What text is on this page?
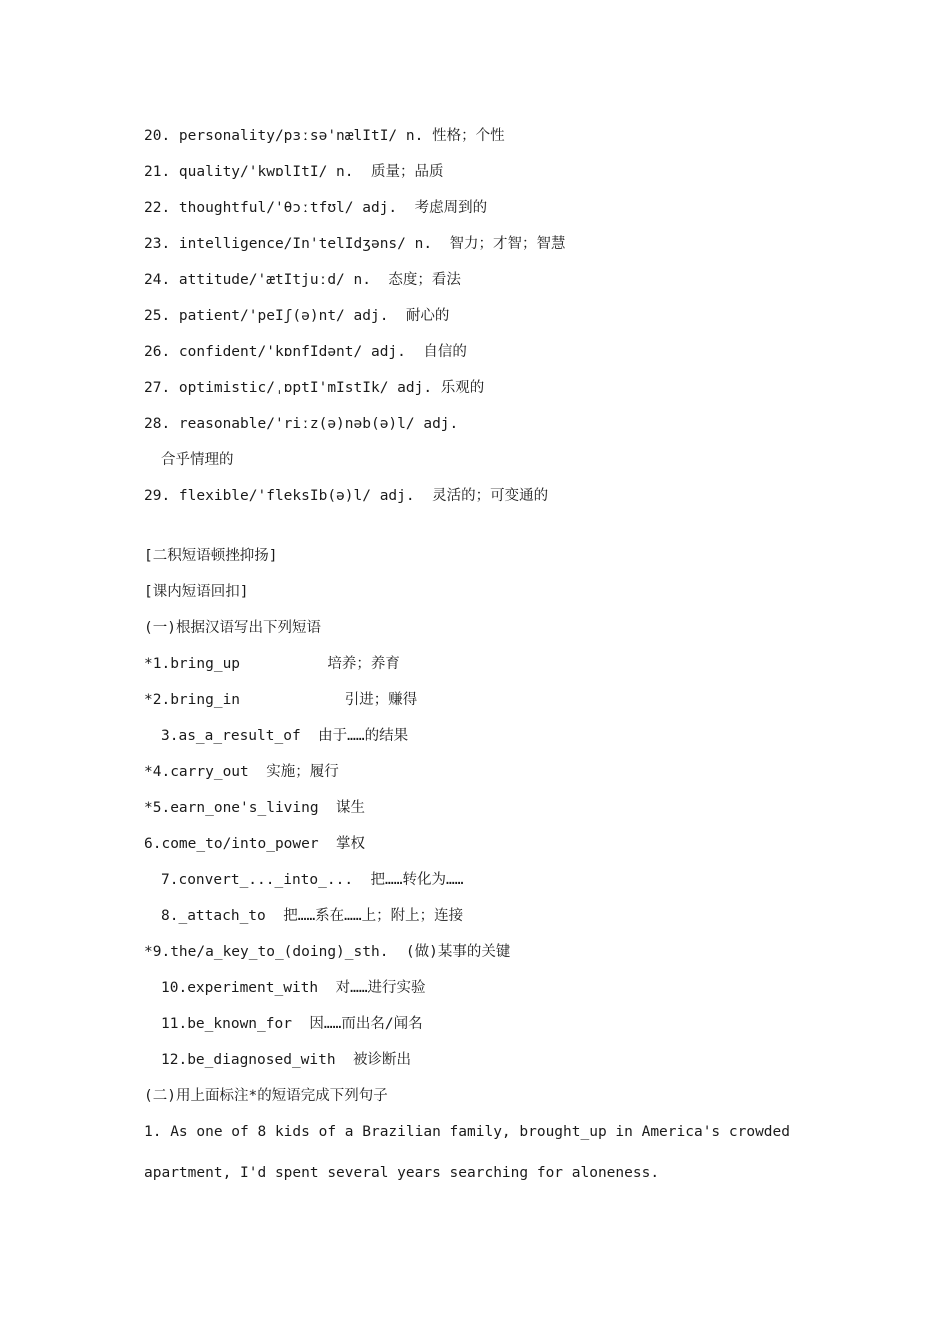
20. personality/pɜːsə'nælItI/ n. 性格；个性
21. quality/'kwɒlItI/ n.  质量；品质
22. thoughtful/'θɔːtfʊl/ adj.  考虑周到的
23. intelligence/In'telIdʒəns/ n.  智力；才智；智慧
24. attitude/'ætItjuːd/ n.  态度；看法
25. patient/'peIʃ(ə)nt/ adj.  耐心的
26. confident/'kɒnfIdənt/ adj.  自信的
27. optimistic/ˌɒptI'mIstIk/ adj. 乐观的
28. reasonable/'riːz(ə)nəb(ə)l/ adj.
合乎情理的
29. flexible/'fleksIb(ə)l/ adj.  灵活的；可变通的
[二积短语顿挫抑扬]
[课内短语回扣]
(一)根据汉语写出下列短语
*1.bring_up          培养；养育
*2.bring_in            引进；赚得
3.as_a_result_of  由于……的结果
*4.carry_out  实施；履行
*5.earn_one's_living  谋生
6.come_to/into_power  掌权
7.convert_..._into_...  把……转化为……
8._attach_to  把……系在……上；附上；连接
*9.the/a_key_to_(doing)_sth.  (做)某事的关键
10.experiment_with  对……进行实验
11.be_known_for  因……而出名/闻名
12.be_diagnosed_with  被诊断出
(二)用上面标注*的短语完成下列句子
1. As one of 8 kids of a Brazilian family, brought_up in America's crowded
apartment, I'd spent several years searching for aloneness.
